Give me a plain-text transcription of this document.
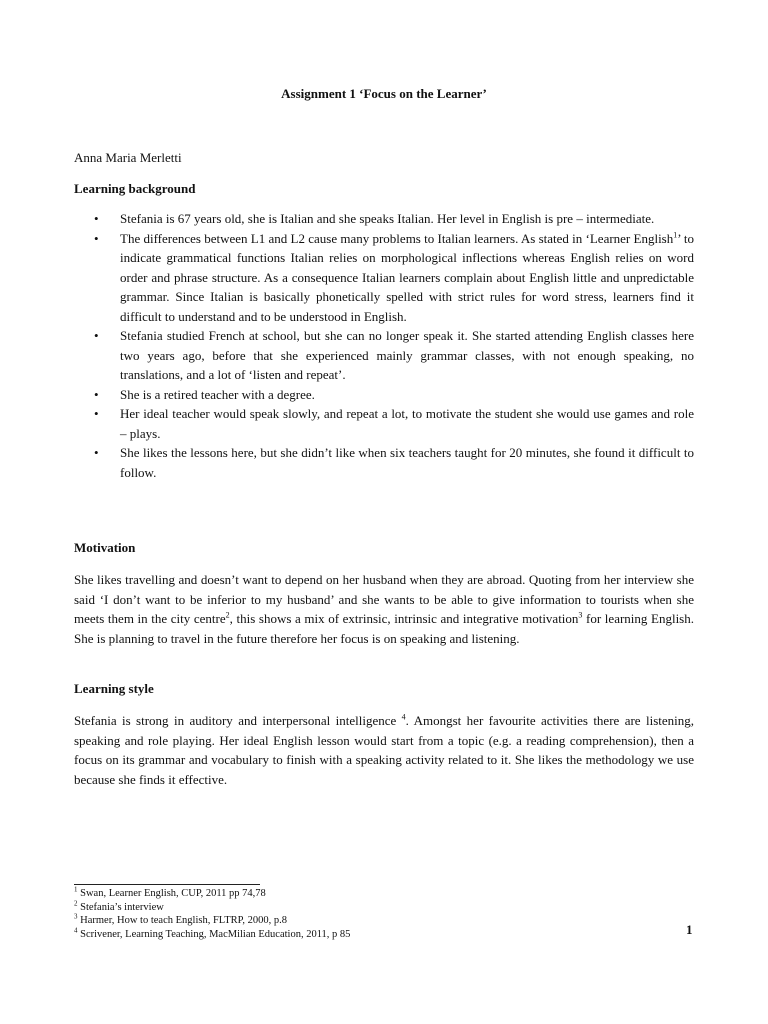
Assignment 1 ‘Focus on the Learner’
Anna Maria Merletti
Learning background
• Stefania is 67 years old, she is Italian and she speaks Italian. Her level in English is pre – intermediate.
• The differences between L1 and L2 cause many problems to Italian learners. As stated in ‘Learner English$^1$’ to indicate grammatical functions Italian relies on morphological inflections whereas English relies on word order and phrase structure. As a consequence Italian learners complain about English little and unpredictable grammar. Since Italian is basically phonetically spelled with strict rules for word stress, learners find it difficult to understand and to be understood in English.
• Stefania studied French at school, but she can no longer speak it. She started attending English classes here two years ago, before that she experienced mainly grammar classes, with not enough speaking, no translations, and a lot of ‘listen and repeat’.
• She is a retired teacher with a degree.
• Her ideal teacher would speak slowly, and repeat a lot, to motivate the student she would use games and role – plays.
• She likes the lessons here, but she didn’t like when six teachers taught for 20 minutes, she found it difficult to follow.
Motivation
She likes travelling and doesn’t want to depend on her husband when they are abroad. Quoting from her interview she said ‘I don’t want to be inferior to my husband’ and she wants to be able to give information to tourists when she meets them in the city centre$^2$, this shows a mix of extrinsic, intrinsic and integrative motivation$^3$ for learning English. She is planning to travel in the future therefore her focus is on speaking and listening.
Learning style
Stefania is strong in auditory and interpersonal intelligence $^4$. Amongst her favourite activities there are listening, speaking and role playing. Her ideal English lesson would start from a topic (e.g. a reading comprehension), then a focus on its grammar and vocabulary to finish with a speaking activity related to it. She likes the methodology we use because she finds it effective.
$^1$ Swan, Learner English, CUP, 2011 pp 74,78
$^2$ Stefania’s interview
$^3$ Harmer, How to teach English, FLTRP, 2000, p.8
$^4$ Scrivener, Learning Teaching, MacMilian Education, 2011, p 85	1
